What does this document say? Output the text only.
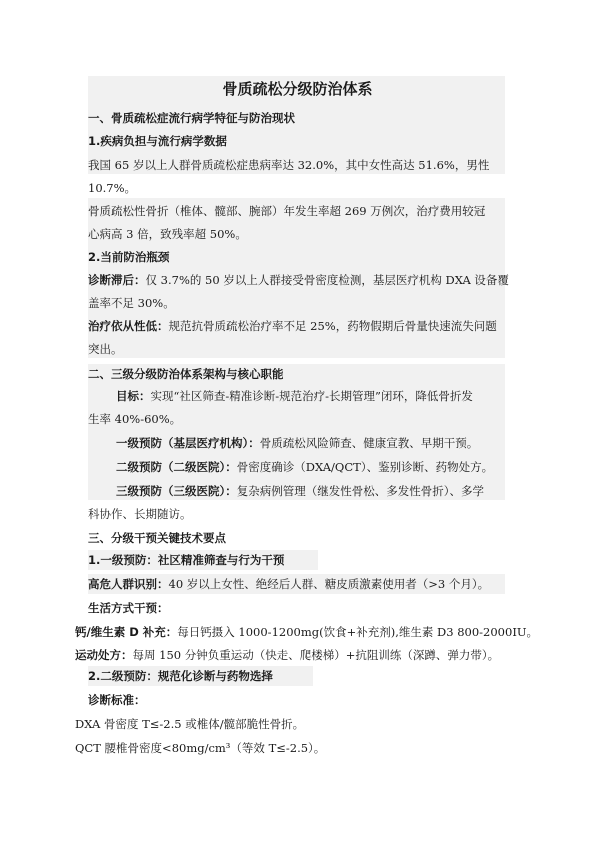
骨质疏松分级防治体系
一、骨质疏松症流行病学特征与防治现状
1.疾病负担与流行病学数据
我国 65 岁以上人群骨质疏松症患病率达 32.0%，其中女性高达 51.6%，男性
10.7%。
骨质疏松性骨折（椎体、髋部、腕部）年发生率超 269 万例次，治疗费用较冠
心病高 3 倍，致残率超 50%。
2.当前防治瓶颈
诊断滞后：仅 3.7%的 50 岁以上人群接受骨密度检测，基层医疗机构 DXA 设备覆
盖率不足 30%。
治疗依从性低：规范抗骨质疏松治疗率不足 25%，药物假期后骨量快速流失问题
突出。
二、三级分级防治体系架构与核心职能
目标：实现“社区筛查-精准诊断-规范治疗-长期管理”闭环，降低骨折发
生率 40%-60%。
一级预防（基层医疗机构）：骨质疏松风险筛查、健康宣教、早期干预。
二级预防（二级医院）：骨密度确诊（DXA/QCT）、鉴别诊断、药物处方。
三级预防（三级医院）：复杂病例管理（继发性骨松、多发性骨折）、多学
科协作、长期随访。
三、分级干预关键技术要点
1.一级预防：社区精准筛查与行为干预
高危人群识别：40 岁以上女性、绝经后人群、糖皮质激素使用者（>3 个月）。
生活方式干预：
钙/维生素 D 补充：每日钙摄入 1000-1200mg(饮食+补充剂),维生素 D3 800-2000IU。
运动处方：每周 150 分钟负重运动（快走、爬楼梯）+抗阻训练（深蹲、弹力带）。
2.二级预防：规范化诊断与药物选择
诊断标准：
DXA 骨密度 T≤-2.5 或椎体/髋部脆性骨折。
QCT 腰椎骨密度<80mg/cm³（等效 T≤-2.5）。
